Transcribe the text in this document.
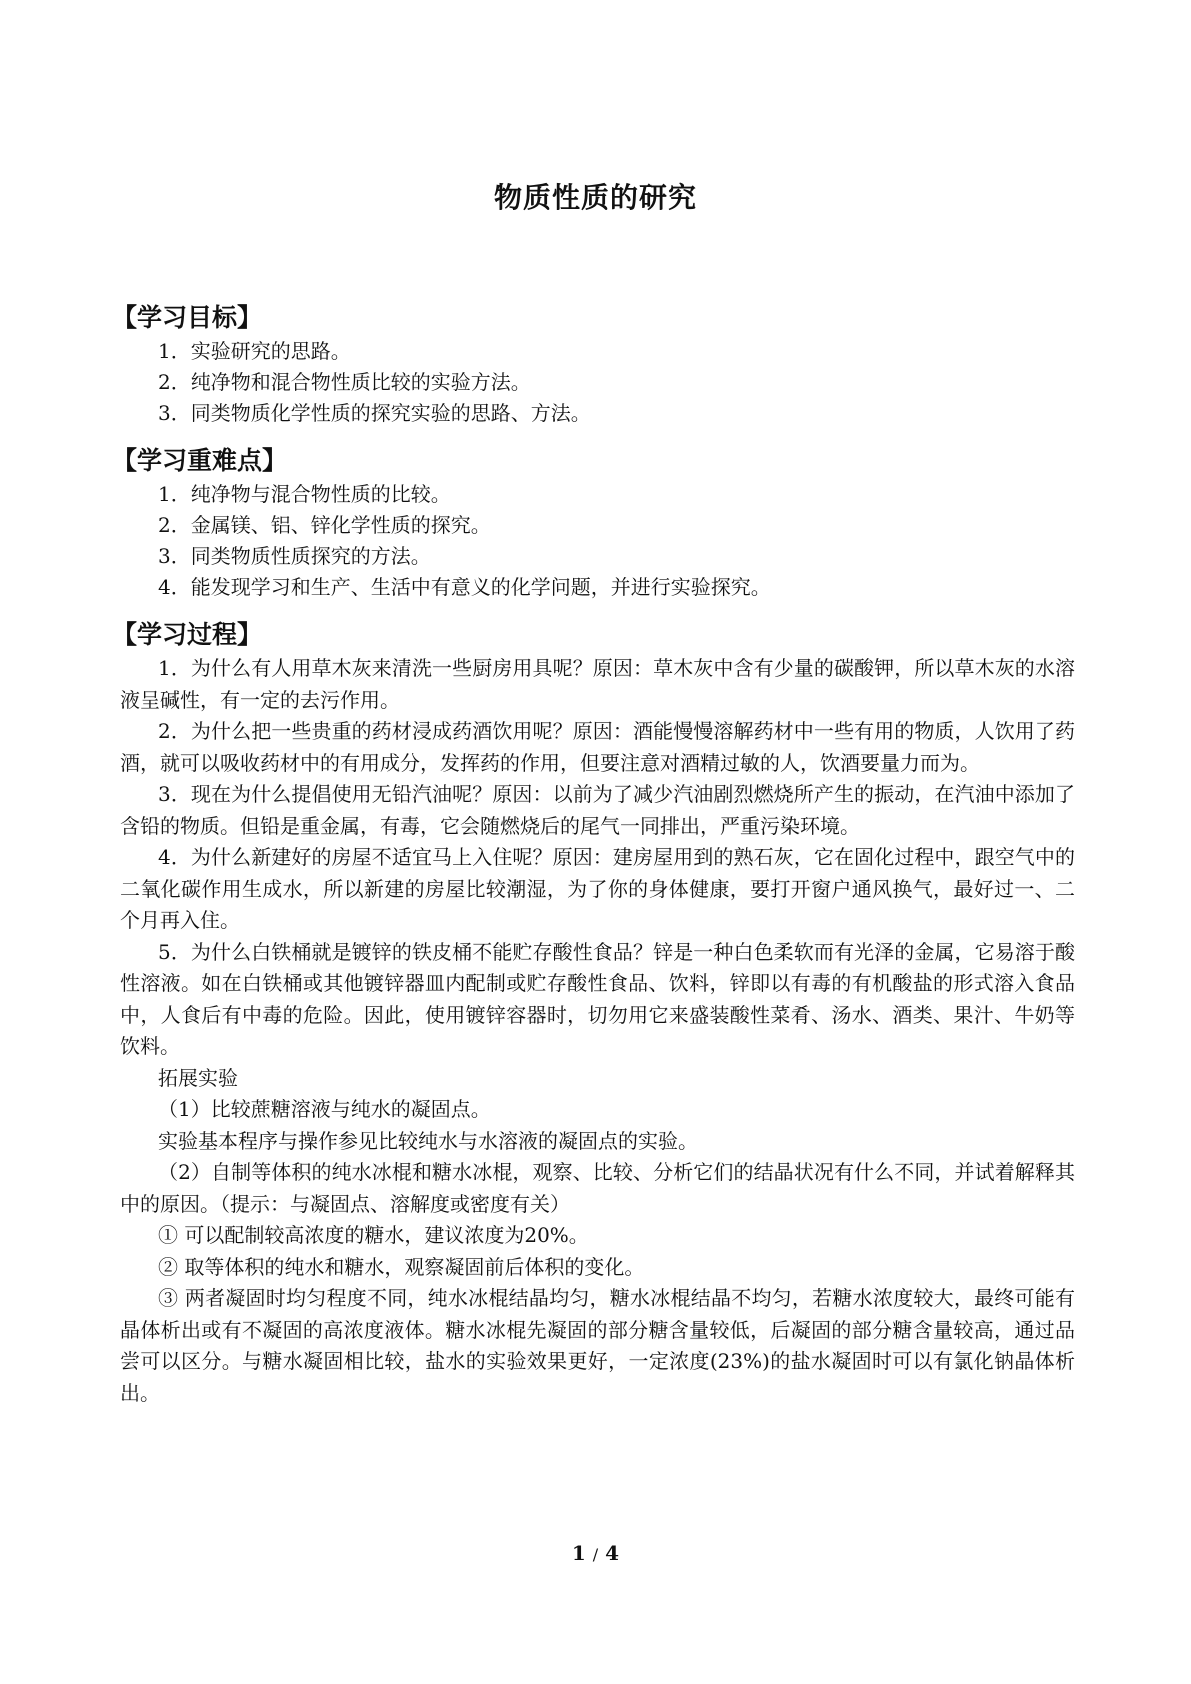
物质性质的研究
【学习目标】
1．实验研究的思路。
2．纯净物和混合物性质比较的实验方法。
3．同类物质化学性质的探究实验的思路、方法。
【学习重难点】
1．纯净物与混合物性质的比较。
2．金属镁、铝、锌化学性质的探究。
3．同类物质性质探究的方法。
4．能发现学习和生产、生活中有意义的化学问题，并进行实验探究。
【学习过程】
1．为什么有人用草木灰来清洗一些厨房用具呢？原因：草木灰中含有少量的碳酸钾，所以草木灰的水溶液呈碱性，有一定的去污作用。
2．为什么把一些贵重的药材浸成药酒饮用呢？原因：酒能慢慢溶解药材中一些有用的物质，人饮用了药酒，就可以吸收药材中的有用成分，发挥药的作用，但要注意对酒精过敏的人，饮酒要量力而为。
3．现在为什么提倡使用无铅汽油呢？原因：以前为了减少汽油剧烈燃烧所产生的振动，在汽油中添加了含铅的物质。但铅是重金属，有毒，它会随燃烧后的尾气一同排出，严重污染环境。
4．为什么新建好的房屋不适宜马上入住呢？原因：建房屋用到的熟石灰，它在固化过程中，跟空气中的二氧化碳作用生成水，所以新建的房屋比较潮湿，为了你的身体健康，要打开窗户通风换气，最好过一、二个月再入住。
5．为什么白铁桶就是镀锌的铁皮桶不能贮存酸性食品？锌是一种白色柔软而有光泽的金属，它易溶于酸性溶液。如在白铁桶或其他镀锌器皿内配制或贮存酸性食品、饮料，锌即以有毒的有机酸盐的形式溶入食品中，人食后有中毒的危险。因此，使用镀锌容器时，切勿用它来盛装酸性菜肴、汤水、酒类、果汁、牛奶等饮料。
拓展实验
（1）比较蔗糖溶液与纯水的凝固点。
实验基本程序与操作参见比较纯水与水溶液的凝固点的实验。
（2）自制等体积的纯水冰棍和糖水冰棍，观察、比较、分析它们的结晶状况有什么不同，并试着解释其中的原因。（提示：与凝固点、溶解度或密度有关）
① 可以配制较高浓度的糖水，建议浓度为20%。
② 取等体积的纯水和糖水，观察凝固前后体积的变化。
③ 两者凝固时均匀程度不同，纯水冰棍结晶均匀，糖水冰棍结晶不均匀，若糖水浓度较大，最终可能有晶体析出或有不凝固的高浓度液体。糖水冰棍先凝固的部分糖含量较低，后凝固的部分糖含量较高，通过品尝可以区分。与糖水凝固相比较，盐水的实验效果更好，一定浓度(23%)的盐水凝固时可以有氯化钠晶体析出。
1 / 4
